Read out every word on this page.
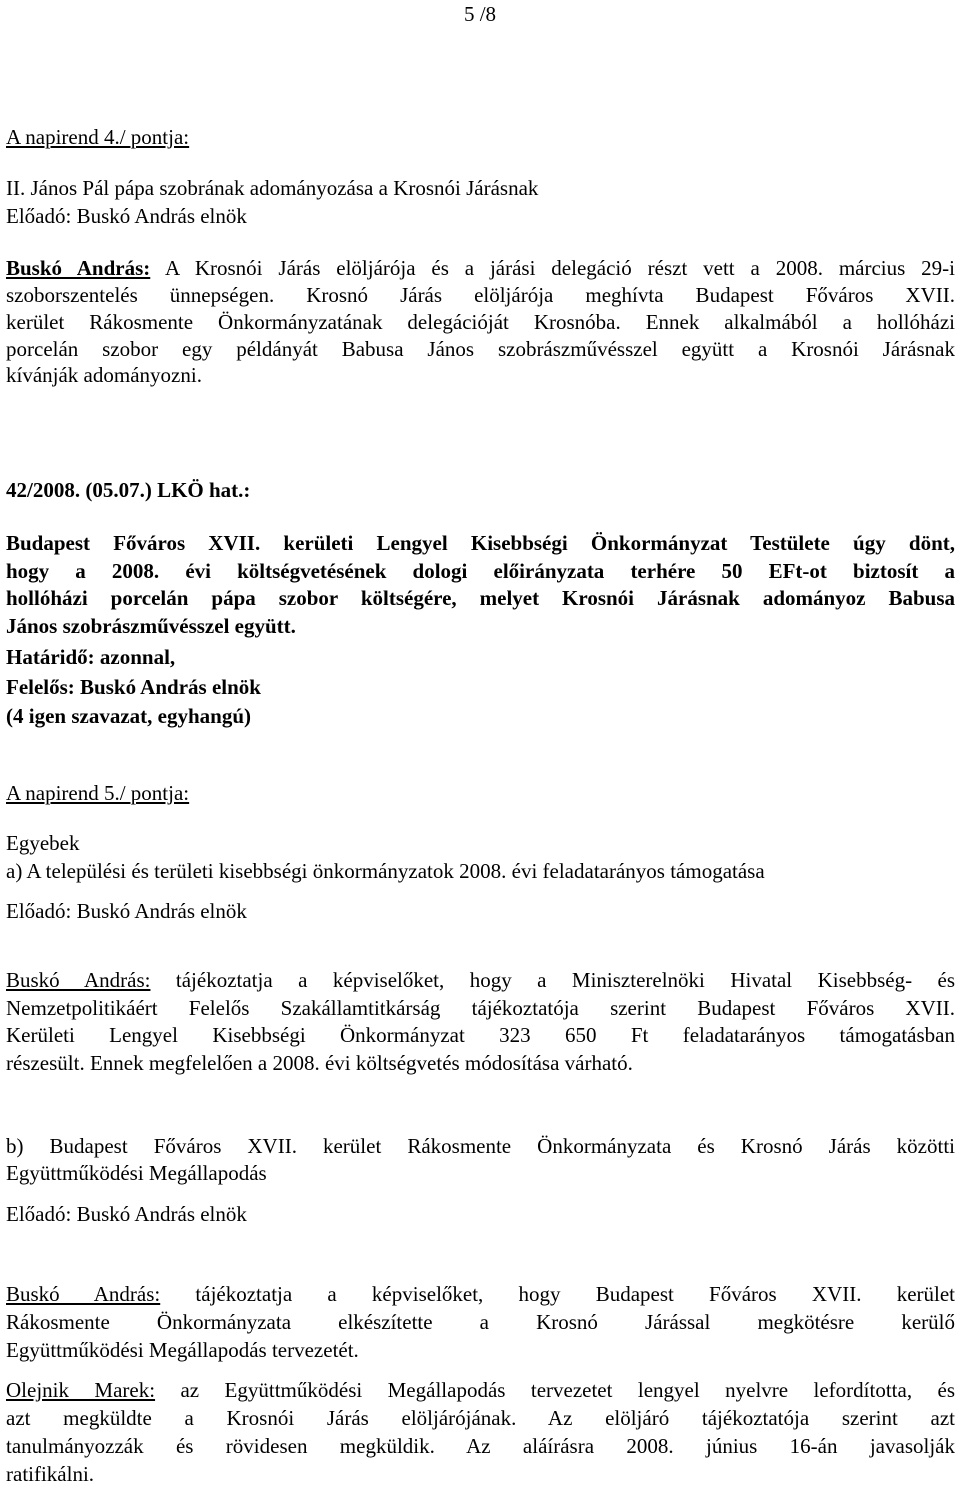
5 /8
A napirend 4./ pontja:
II. János Pál pápa szobrának adományozása a Krosnói Járásnak
Előadó: Buskó András elnök
Buskó András: A Krosnói Járás elöljárója és a járási delegáció részt vett a 2008. március 29-i
szoborszentelés ünnepségen. Krosnó Járás elöljárója meghívta Budapest Főváros XVII.
kerület Rákosmente Önkormányzatának delegációját Krosnóba. Ennek alkalmából a hollóházi
porcelán szobor egy példányát Babusa János szobrászművésszel együtt a Krosnói Járásnak
kívánják adományozni.
42/2008. (05.07.) LKÖ hat.:
Budapest Főváros XVII. kerületi Lengyel Kisebbségi Önkormányzat Testülete úgy dönt,
hogy a 2008. évi költségvetésének dologi előirányzata terhére 50 EFt-ot biztosít a
hollóházi porcelán pápa szobor költségére, melyet Krosnói Járásnak adományoz Babusa
János szobrászművésszel együtt.
Határidő: azonnal,
Felelős: Buskó András elnök
(4 igen szavazat, egyhangú)
A napirend 5./ pontja:
Egyebek
a) A települési és területi kisebbségi önkormányzatok 2008. évi feladatarányos támogatása
Előadó: Buskó András elnök
Buskó András: tájékoztatja a képviselőket, hogy a Miniszterelnöki Hivatal Kisebbség- és
Nemzetpolitikáért Felelős Szakállamtitkárság tájékoztatója szerint Budapest Főváros XVII.
Kerületi Lengyel Kisebbségi Önkormányzat 323 650 Ft feladatarányos támogatásban
részesült. Ennek megfelelően a 2008. évi költségvetés módosítása várható.
b) Budapest Főváros XVII. kerület Rákosmente Önkormányzata és Krosnó Járás közötti
Együttműködési Megállapodás
Előadó: Buskó András elnök
Buskó András: tájékoztatja a képviselőket, hogy Budapest Főváros XVII. kerület
Rákosmente Önkormányzata elkészítette a Krosnó Járással megkötésre kerülő
Együttműködési Megállapodás tervezetét.
Olejnik Marek: az Együttműködési Megállapodás tervezetet lengyel nyelvre lefordította, és
azt megküldte a Krosnói Járás elöljárójának. Az elöljáró tájékoztatója szerint azt
tanulmányozzák és rövidesen megküldik. Az aláírásra 2008. június 16-án javasolják
ratifikálni.
